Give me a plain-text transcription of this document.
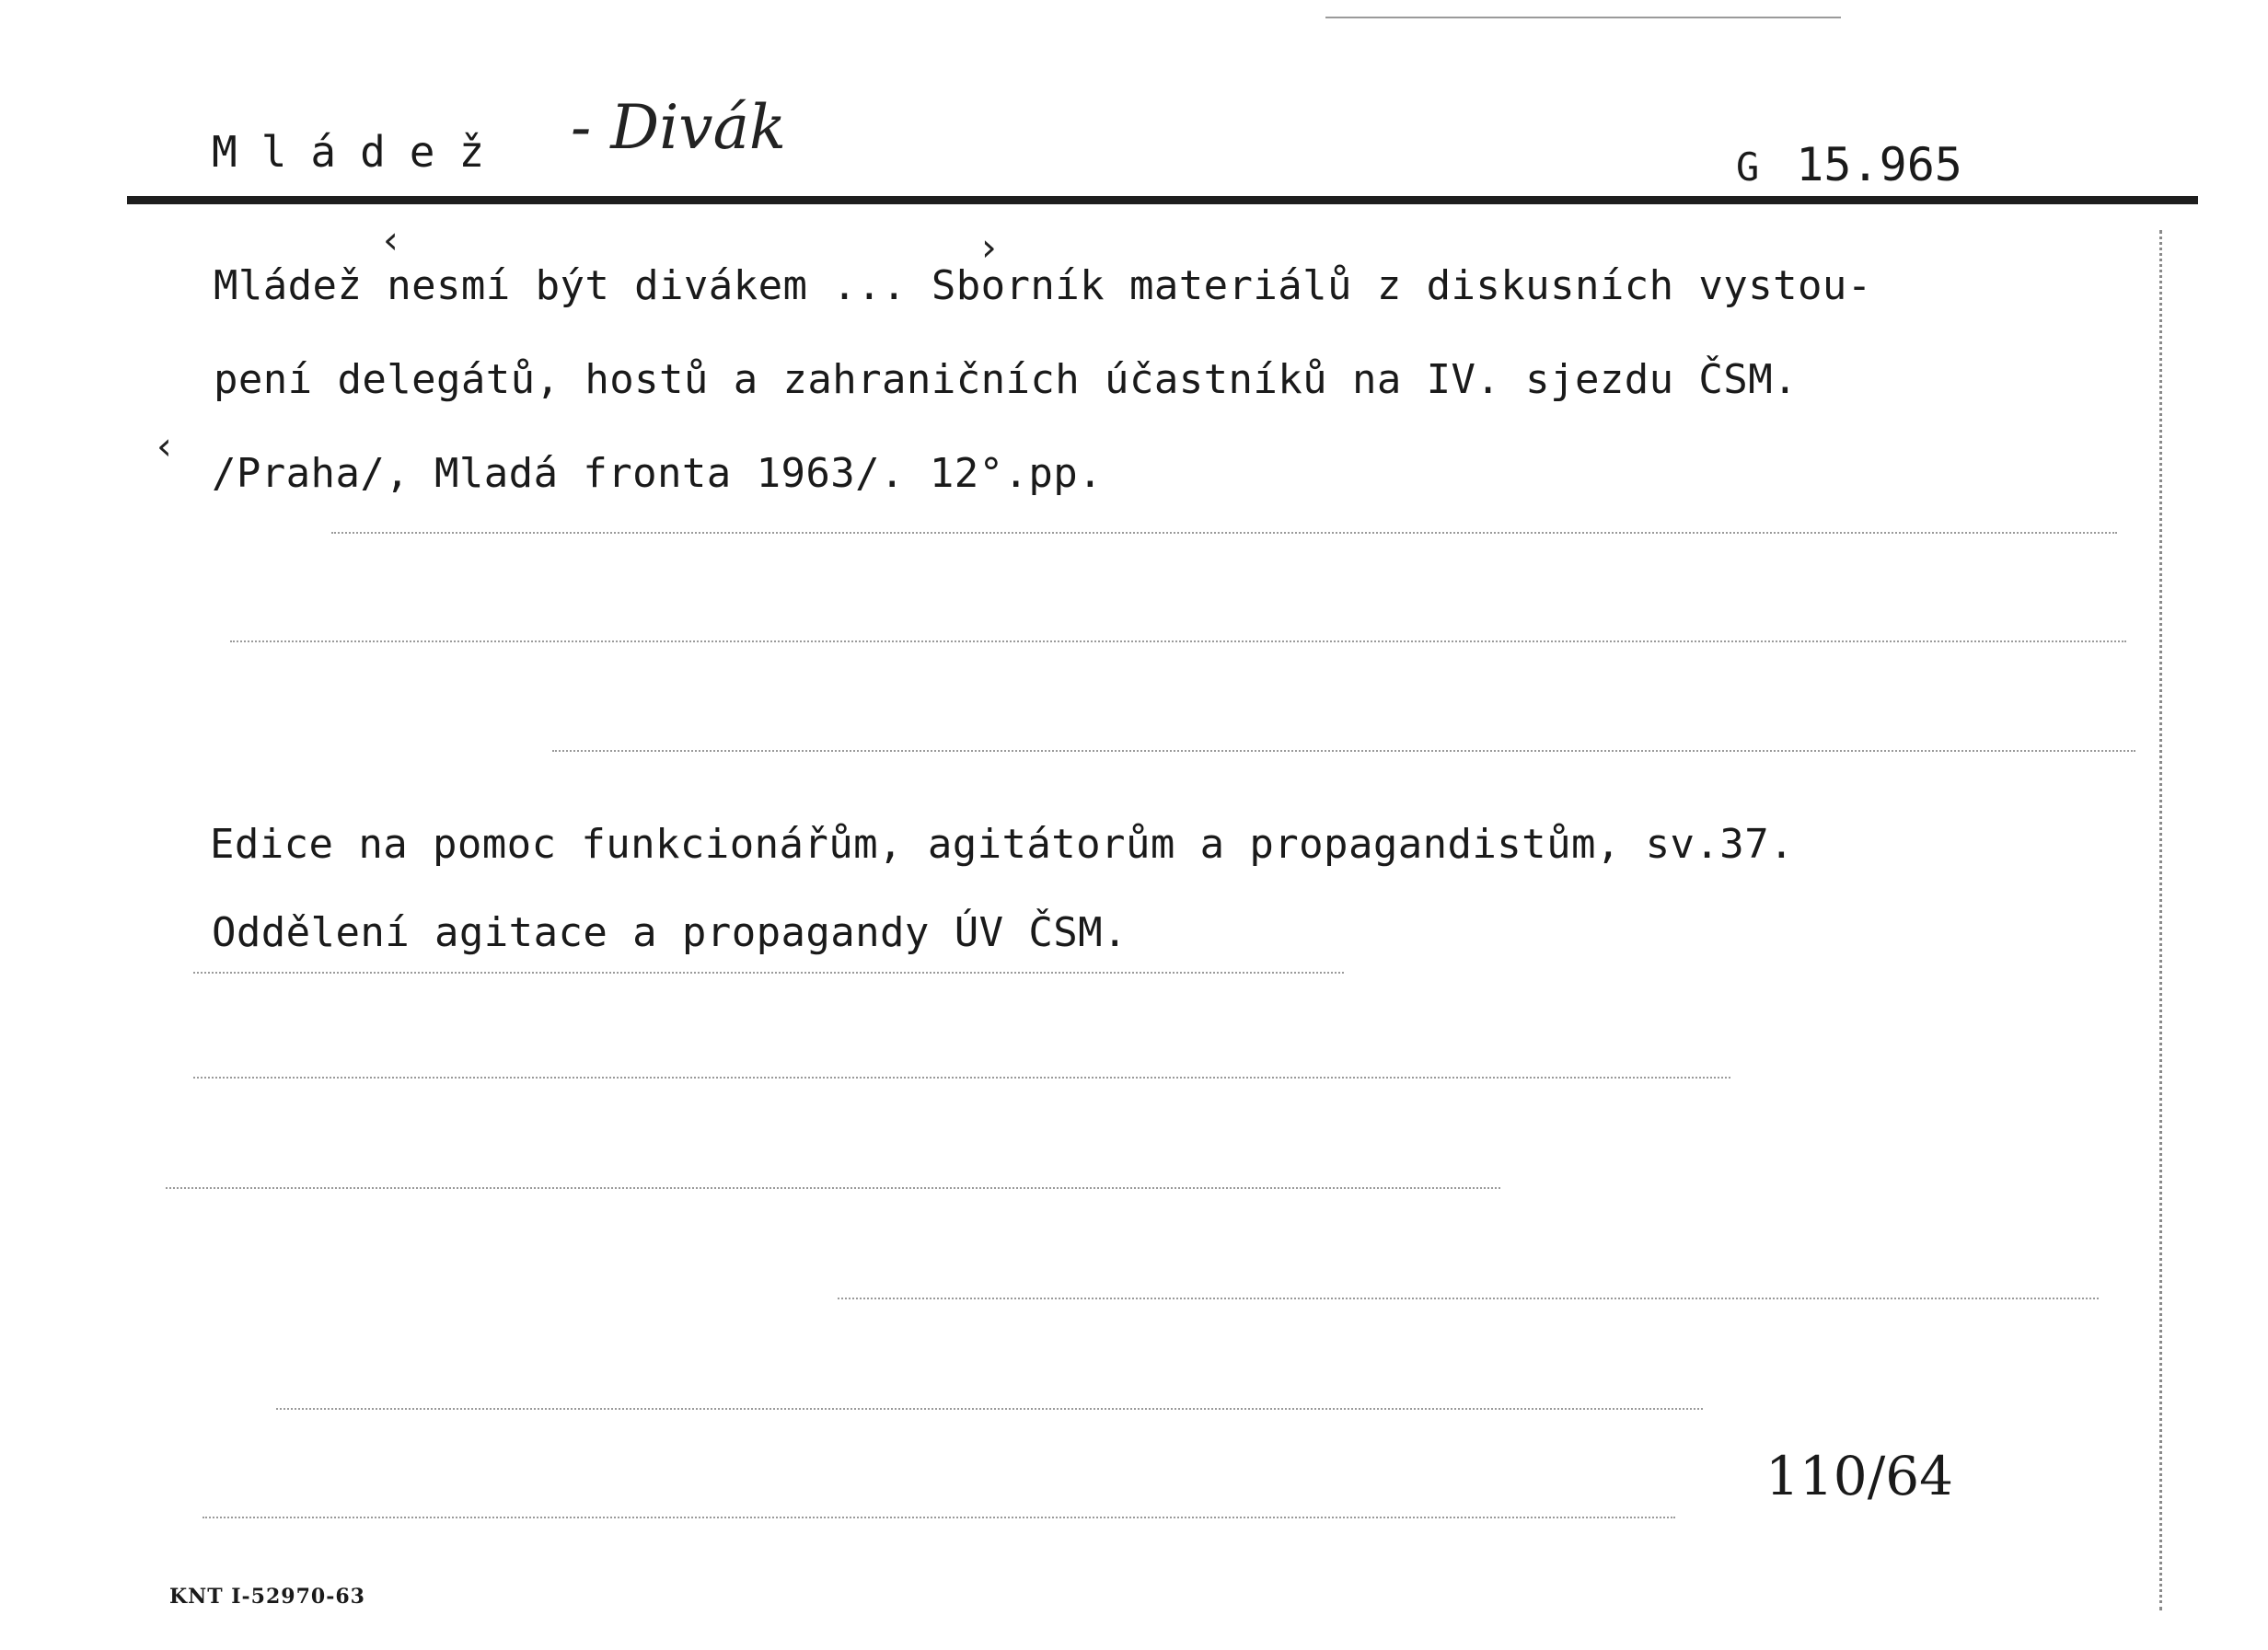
Mládež - Divák
G 15.965
‹	›
‹
Mládež nesmí být divákem ... Sborník materiálů z diskusních vystou-
pení delegátů, hostů a zahraničních účastníků na IV. sjezdu ČSM.
/Praha/, Mladá fronta 1963/. 12°.pp.
Edice na pomoc funkcionářům, agitátorům a propagandistům, sv.37.
Oddělení agitace a propagandy ÚV ČSM.
110/64
KNT I-52970-63
